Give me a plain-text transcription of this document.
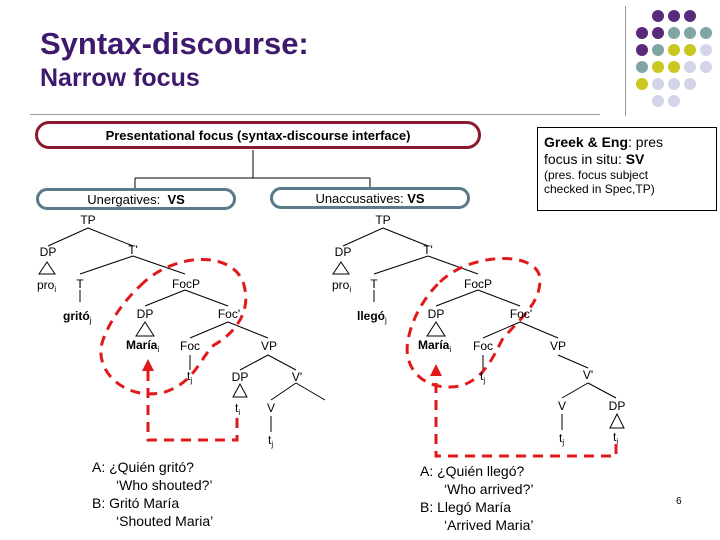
Syntax-discourse:
Narrow focus
Presentational focus (syntax-discourse interface)
Unergatives:
VS	Unaccusatives:
VS
Greek & Eng: pres
focus in situ: SV
(pres. focus subject
checked in Spec,TP)
TP
DP	T'
pro$_i$ T	FocP
gritó$_j$	DP	Foc'
María$_i$ Foc
$t_j$
VP
DP	V'
$t_i$ V
$t_j$
TP
DP	T'
pro$_i$ T	FocP
llegó$_j$	DP	Foc'
María$_i$ Foc
$t_j$
VP
V'
V	DP
$t_j$	$t_i$
A: ¿Quién gritó?
‘Who shouted?’
B: Gritó María
‘Shouted Maria’
A: ¿Quién llegó?
‘Who arrived?’
B: Llegó María
‘Arrived Maria’
6
